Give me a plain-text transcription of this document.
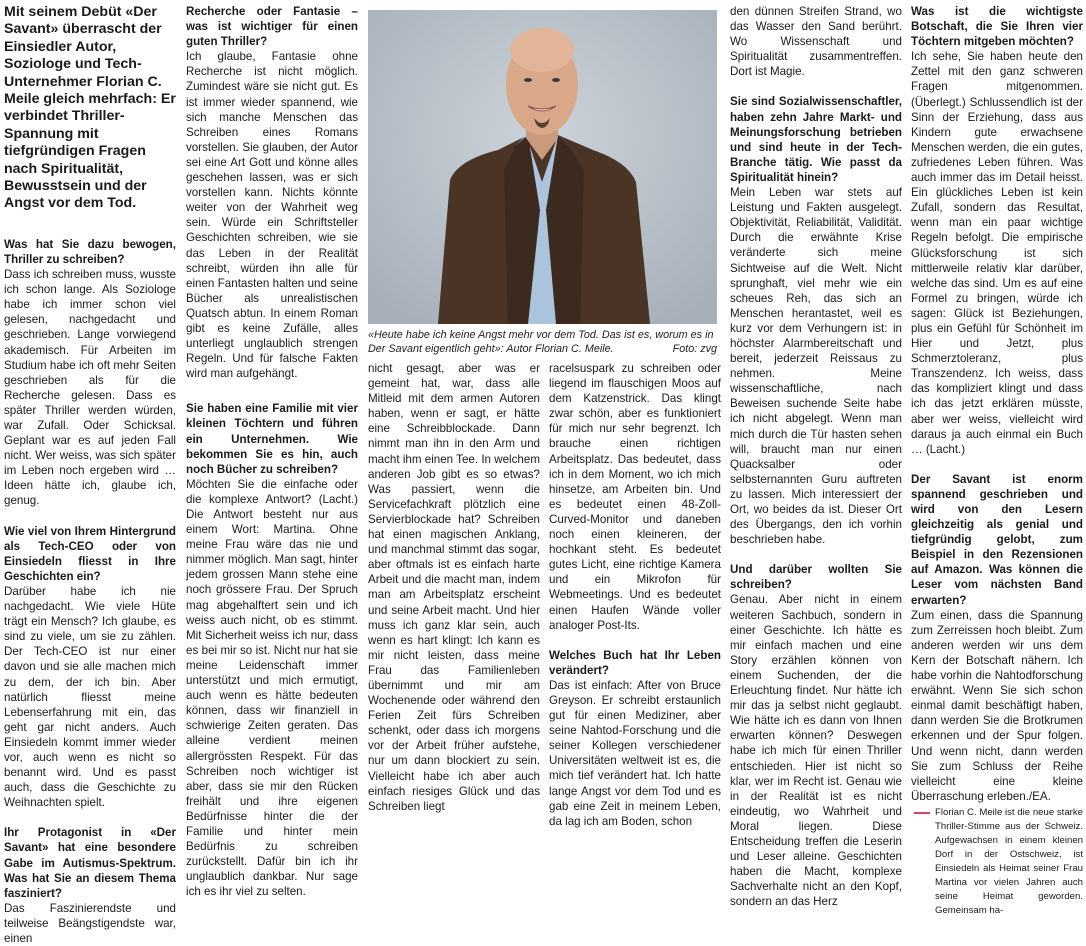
Mit seinem Debüt «Der Savant» überrascht der Einsiedler Autor, Soziologe und Tech-Unternehmer Florian C. Meile gleich mehrfach: Er verbindet Thriller-Spannung mit tiefgründigen Fragen nach Spiritualität, Bewusstsein und der Angst vor dem Tod.

Was hat Sie dazu bewogen, Thriller zu schreiben?

Dass ich schreiben muss, wusste ich schon lange. Als Soziologe habe ich immer schon viel gelesen, nachgedacht und geschrieben. Lange vorwiegend akademisch. Für Arbeiten im Studium habe ich oft mehr Seiten geschrieben als für die Recherche gelesen. Dass es später Thriller werden würden, war Zufall. Oder Schicksal. Geplant war es auf jeden Fall nicht. Wer weiss, was sich später im Leben noch ergeben wird … Ideen hätte ich, glaube ich, genug.

Wie viel von Ihrem Hintergrund als Tech-CEO oder von Einsiedeln fliesst in Ihre Geschichten ein?

Darüber habe ich nie nachgedacht. Wie viele Hüte trägt ein Mensch? Ich glaube, es sind zu viele, um sie zu zählen. Der Tech-CEO ist nur einer davon und sie alle machen mich zu dem, der ich bin. Aber natürlich fliesst meine Lebenserfahrung mit ein, das geht gar nicht anders. Auch Einsiedeln kommt immer wieder vor, auch wenn es nicht so benannt wird. Und es passt auch, dass die Geschichte zu Weihnachten spielt.

Ihr Protagonist in «Der Savant» hat eine besondere Gabe im Autismus-Spektrum. Was hat Sie an diesem Thema fasziniert?

Das Faszinierendste und teilweise Beängstigendste war, einen

Recherche oder Fantasie – was ist wichtiger für einen guten Thriller?

Ich glaube, Fantasie ohne Recherche ist nicht möglich. Zumindest wäre sie nicht gut. Es ist immer wieder spannend, wie sich manche Menschen das Schreiben eines Romans vorstellen. Sie glauben, der Autor sei eine Art Gott und könne alles geschehen lassen, was er sich vorstellen kann. Nichts könnte weiter von der Wahrheit weg sein. Würde ein Schriftsteller Geschichten schreiben, wie sie das Leben in der Realität schreibt, würden ihn alle für einen Fantasten halten und seine Bücher als unrealistischen Quatsch abtun. In einem Roman gibt es keine Zufälle, alles unterliegt unglaublich strengen Regeln. Und für falsche Fakten wird man aufgehängt.

Sie haben eine Familie mit vier kleinen Töchtern und führen ein Unternehmen. Wie bekommen Sie es hin, auch noch Bücher zu schreiben?

Möchten Sie die einfache oder die komplexe Antwort? (Lacht.) Die Antwort besteht nur aus einem Wort: Martina. Ohne meine Frau wäre das nie und nimmer möglich. Man sagt, hinter jedem grossen Mann stehe eine noch grössere Frau. Der Spruch mag abgehalftert sein und ich weiss auch nicht, ob es stimmt. Mit Sicherheit weiss ich nur, dass es bei mir so ist. Nicht nur hat sie meine Leidenschaft immer unterstützt und mich ermutigt, auch wenn es hätte bedeuten können, dass wir finanziell in schwierige Zeiten geraten. Das alleine verdient meinen allergrössten Respekt. Für das Schreiben noch wichtiger ist aber, dass sie mir den Rücken freihält und ihre eigenen Bedürfnisse hinter die der Familie und hinter mein Bedürfnis zu schreiben zurückstellt. Dafür bin ich ihr unglaublich dankbar. Nur sage ich es ihr viel zu selten.

«Heute habe ich keine Angst mehr vor dem Tod. Das ist es, worum es in Der Savant eigentlich geht»: Autor Florian C. Meile.	Foto: zvg

nicht gesagt, aber was er gemeint hat, war, dass alle Mitleid mit dem armen Autoren haben, wenn er sagt, er hätte eine Schreibblockade. Dann nimmt man ihn in den Arm und macht ihm einen Tee. In welchem anderen Job gibt es so etwas? Was passiert, wenn die Servicefachkraft plötzlich eine Servierblockade hat? Schreiben hat einen magischen Anklang, und manchmal stimmt das sogar, aber oftmals ist es einfach harte Arbeit und die macht man, indem man am Arbeitsplatz erscheint und seine Arbeit macht. Und hier muss ich ganz klar sein, auch wenn es hart klingt: Ich kann es mir nicht leisten, dass meine Frau das Familienleben übernimmt und mir am Wochenende oder während den Ferien Zeit fürs Schreiben schenkt, oder dass ich morgens vor der Arbeit früher aufstehe, nur um dann blockiert zu sein. Vielleicht habe ich aber auch einfach riesiges Glück und das Schreiben liegt

racelsuspark zu schreiben oder liegend im flauschigen Moos auf dem Katzenstrick. Das klingt zwar schön, aber es funktioniert für mich nur sehr begrenzt. Ich brauche einen richtigen Arbeitsplatz. Das bedeutet, dass ich in dem Moment, wo ich mich hinsetze, am Arbeiten bin. Und es bedeutet einen 48-Zoll-Curved-Monitor und daneben noch einen kleineren, der hochkant steht. Es bedeutet gutes Licht, eine richtige Kamera und ein Mikrofon für Webmeetings. Und es bedeutet einen Haufen Wände voller analoger Post-Its.

Welches Buch hat Ihr Leben verändert?

Das ist einfach: After von Bruce Greyson. Er schreibt erstaunlich gut für einen Mediziner, aber seine Nahtod-Forschung und die seiner Kollegen verschiedener Universitäten weltweit ist es, die mich tief verändert hat. Ich hatte lange Angst vor dem Tod und es gab eine Zeit in meinem Leben, da lag ich am Boden, schon

den dünnen Streifen Strand, wo das Wasser den Sand berührt. Wo Wissenschaft und Spiritualität zusammentreffen. Dort ist Magie.

Sie sind Sozialwissenschaftler, haben zehn Jahre Markt- und Meinungsforschung betrieben und sind heute in der Tech-Branche tätig. Wie passt da Spiritualität hinein?

Mein Leben war stets auf Leistung und Fakten ausgelegt. Objektivität, Reliabilität, Validität. Durch die erwähnte Krise veränderte sich meine Sichtweise auf die Welt. Nicht sprunghaft, viel mehr wie ein scheues Reh, das sich an Menschen herantastet, weil es kurz vor dem Verhungern ist: in höchster Alarmbereitschaft und bereit, jederzeit Reissaus zu nehmen. Meine wissenschaftliche, nach Beweisen suchende Seite habe ich nicht abgelegt. Wenn man mich durch die Tür hasten sehen will, braucht man nur einen Quacksalber oder selbsternannten Guru auftreten zu lassen. Mich interessiert der Ort, wo beides da ist. Dieser Ort des Übergangs, den ich vorhin beschrieben habe.

Und darüber wollten Sie schreiben?

Genau. Aber nicht in einem weiteren Sachbuch, sondern in einer Geschichte. Ich hätte es mir einfach machen und eine Story erzählen können von einem Suchenden, der die Erleuchtung findet. Nur hätte ich mir das ja selbst nicht geglaubt. Wie hätte ich es dann von Ihnen erwarten können? Deswegen habe ich mich für einen Thriller entschieden. Hier ist nicht so klar, wer im Recht ist. Genau wie in der Realität ist es nicht eindeutig, wo Wahrheit und Moral liegen. Diese Entscheidung treffen die Leserin und Leser alleine. Geschichten haben die Macht, komplexe Sachverhalte nicht an den Kopf, sondern an das Herz

Was ist die wichtigste Botschaft, die Sie Ihren vier Töchtern mitgeben möchten?

Ich sehe, Sie haben heute den Zettel mit den ganz schweren Fragen mitgenommen. (Überlegt.) Schlussendlich ist der Sinn der Erziehung, dass aus Kindern gute erwachsene Menschen werden, die ein gutes, zufriedenes Leben führen. Was auch immer das im Detail heisst. Ein glückliches Leben ist kein Zufall, sondern das Resultat, wenn man ein paar wichtige Regeln befolgt. Die empirische Glücksforschung ist sich mittlerweile relativ klar darüber, welche das sind. Um es auf eine Formel zu bringen, würde ich sagen: Glück ist Beziehungen, plus ein Gefühl für Schönheit im Hier und Jetzt, plus Schmerztoleranz, plus Transzendenz. Ich weiss, dass das kompliziert klingt und dass ich das jetzt erklären müsste, aber wer weiss, vielleicht wird daraus ja auch einmal ein Buch … (Lacht.)

Der Savant ist enorm spannend geschrieben und wird von den Lesern gleichzeitig als genial und tiefgründig gelobt, zum Beispiel in den Rezensionen auf Amazon. Was können die Leser vom nächsten Band erwarten?

Zum einen, dass die Spannung zum Zerreissen hoch bleibt. Zum anderen werden wir uns dem Kern der Botschaft nähern. Ich habe vorhin die Nahtodforschung erwähnt. Wenn Sie sich schon einmal damit beschäftigt haben, dann werden Sie die Brotkrumen erkennen und der Spur folgen. Und wenn nicht, dann werden Sie zum Schluss der Reihe vielleicht eine kleine Überraschung erleben./EA.

Florian C. Meile ist die neue starke Thriller-Stimme aus der Schweiz. Aufgewachsen in einem kleinen Dorf in der Ostschweiz, ist Einsiedeln als Heimat seiner Frau Martina vor vielen Jahren auch seine Heimat geworden. Gemeinsam ha-
